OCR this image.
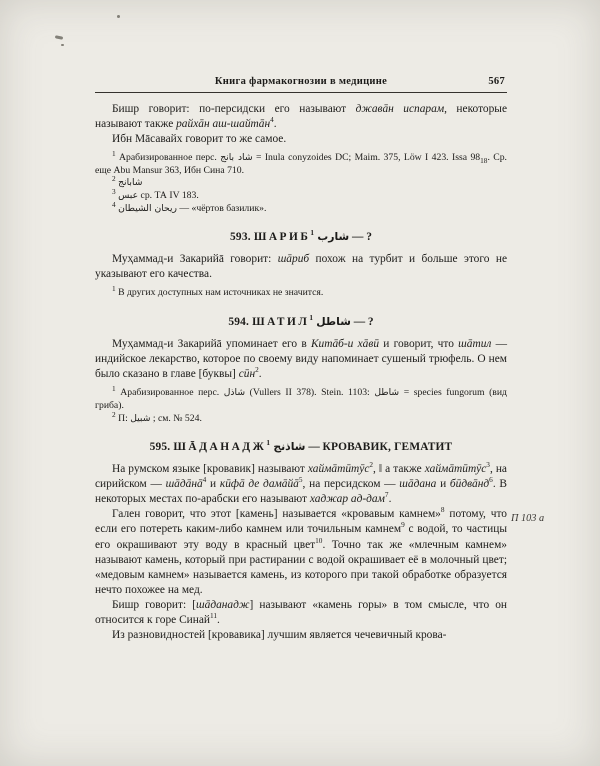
Книга фармакогнозии в медицине	567

Бишр говорит: по-персидски его называют джавāн испарам, некоторые называют также райхāн аш-шайтāн$^4$.

Ибн Мāсавайх говорит то же самое.

$^1$ Арабизированное перс. شاد بانج = Inula conyzoides DC; Maim. 375, Löw I 423. Issa $98_{18}$. Ср. еще Abu Mansur 363, Ибн Сина 710.
$^2$ شابانج
$^3$ عبس ср. ТА IV 183.
$^4$ ريحان الشيطان — «чёртов базилик».
593. ШАРИБ$^1$ شارب — ?

Муҳаммад-и Закарийā говорит: шāриб похож на турбит и больше этого не указывают его качества.

$^1$ В других доступных нам источниках не значится.
594. ШАТИЛ$^1$ شاطل — ?

Муҳаммад-и Закарийā упоминает его в Китāб-и хāвӣ и говорит, что шāтил — индийское лекарство, которое по своему виду напоминает сушеный трюфель. О нем было сказано в главе [буквы] сӣн$^2$.

$^1$ Арабизированное перс. شاذل (Vullers II 378). Stein. 1103: شاطل = species fungorum (вид гриба).
$^2$ П: شبيل ; см. № 524.
595. ШĀДАНАДЖ$^1$ شاذنج — КРОВАВИК, ГЕМАТИТ

На румском языке [кровавик] называют хаймāтӣтӯс$^2$, ‖ а также хаймāтӣтӯс$^3$, на сирийском — шāдāнā$^4$ и кӣфā де дамāйā$^5$, на персидском — шāдана и бӣдвāнд$^6$. В некоторых местах по-арабски его называют хаджар ад-дам$^7$.

Гален говорит, что этот [камень] называется «кровавым камнем»$^8$ потому, что если его потереть каким-либо камнем или точильным камнем$^9$ с водой, то частицы его окрашивают эту воду в красный цвет$^{10}$. Точно так же «млечным камнем» называют камень, который при растирании с водой окрашивает её в молочный цвет; «медовым камнем» называется камень, из которого при такой обработке образуется нечто похожее на мед.

Бишр говорит: [шāданадж] называют «камень горы» в том смысле, что он относится к горе Синай$^{11}$.

Из разновидностей [кровавика] лучшим является чечевичный крова-

П 103 а
